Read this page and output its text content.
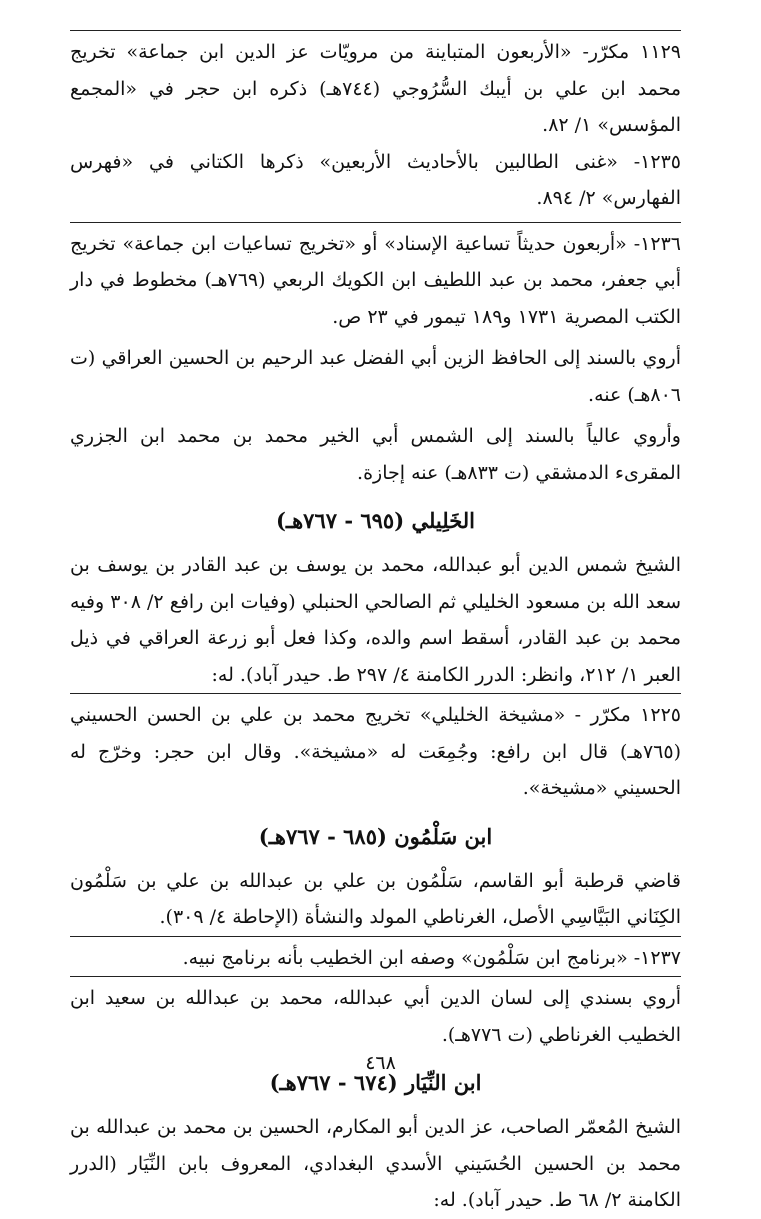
١١٢٩ مكرّر- «الأربعون المتباينة من مرويّات عز الدين ابن جماعة» تخريج محمد ابن علي بن أيبك السُّرُوجي (٧٤٤هـ) ذكره ابن حجر في «المجمع المؤسس» ١/ ٨٢.

١٢٣٥- «غنى الطالبين بالأحاديث الأربعين» ذكرها الكتاني في «فهرس الفهارس» ٢/ ٨٩٤.

١٢٣٦- «أربعون حديثاً تساعية الإسناد» أو «تخريج تساعيات ابن جماعة» تخريج أبي جعفر، محمد بن عبد اللطيف ابن الكويك الربعي (٧٦٩هـ) مخطوط في دار الكتب المصرية ١٧٣١ و١٨٩ تيمور في ٢٣ ص.

أروي بالسند إلى الحافظ الزين أبي الفضل عبد الرحيم بن الحسين العراقي (ت ٨٠٦هـ) عنه.

وأروي عالياً بالسند إلى الشمس أبي الخير محمد بن محمد ابن الجزري المقرىء الدمشقي (ت ٨٣٣هـ) عنه إجازة.

الخَلِيلي (٦٩٥ - ٧٦٧هـ)

الشيخ شمس الدين أبو عبدالله، محمد بن يوسف بن عبد القادر بن يوسف بن سعد الله بن مسعود الخليلي ثم الصالحي الحنبلي (وفيات ابن رافع ٢/ ٣٠٨ وفيه محمد بن عبد القادر، أسقط اسم والده، وكذا فعل أبو زرعة العراقي في ذيل العبر ١/ ٢١٢، وانظر: الدرر الكامنة ٤/ ٢٩٧ ط. حيدر آباد). له:

١٢٢٥ مكرّر - «مشيخة الخليلي» تخريج محمد بن علي بن الحسن الحسيني (٧٦٥هـ) قال ابن رافع: وجُمِعَت له «مشيخة». وقال ابن حجر: وخرّج له الحسيني «مشيخة».

ابن سَلْمُون (٦٨٥ - ٧٦٧هـ)

قاضي قرطبة أبو القاسم، سَلْمُون بن علي بن عبدالله بن علي بن سَلْمُون الكِنَاني البَيَّاسِي الأصل، الغرناطي المولد والنشأة (الإحاطة ٤/ ٣٠٩).

١٢٣٧- «برنامج ابن سَلْمُون» وصفه ابن الخطيب بأنه برنامج نبيه.

أروي بسندي إلى لسان الدين أبي عبدالله، محمد بن عبدالله بن سعيد ابن الخطيب الغرناطي (ت ٧٧٦هـ).

ابن النِّيَار (٦٧٤ - ٧٦٧هـ)

الشيخ المُعمّر الصاحب، عز الدين أبو المكارم، الحسين بن محمد بن عبدالله بن محمد بن الحسين الحُسَيني الأسدي البغدادي، المعروف بابن النِّيَار (الدرر الكامنة ٢/ ٦٨ ط. حيدر آباد). له:

٤٦٨
